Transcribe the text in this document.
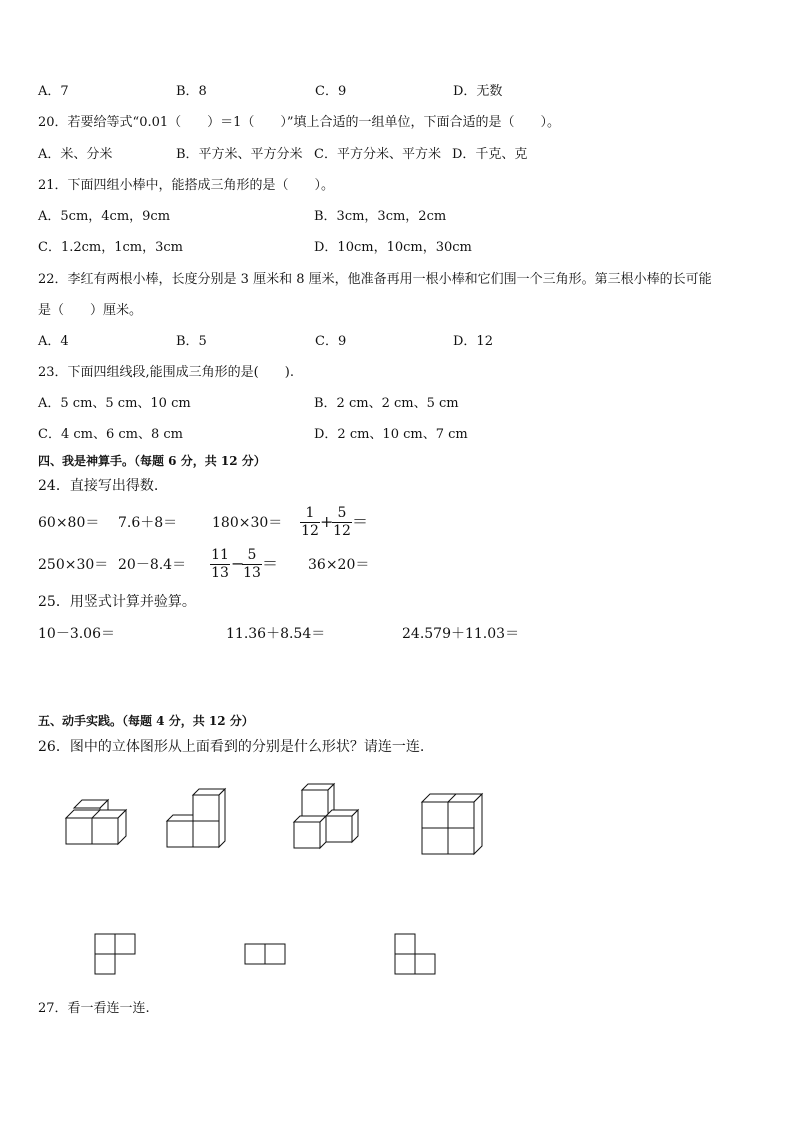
A．7	B．8	C．9	D．无数
20．若要给等式“0.01（　　）＝1（　　）”填上合适的一组单位，下面合适的是（　　）。
A．米、分米	B．平方米、平方分米 C．平方分米、平方米 D．千克、克
21．下面四组小棒中，能搭成三角形的是（　　）。
A．5cm，4cm，9cm	B．3cm，3cm，2cm
C．1.2cm，1cm，3cm	D．10cm，10cm，30cm
22．李红有两根小棒，长度分别是 3 厘米和 8 厘米，他准备再用一根小棒和它们围一个三角形。第三根小棒的长可能
是（　　）厘米。
A．4	B．5	C．9	D．12
23．下面四组线段,能围成三角形的是(　　).
A．5 cm、5 cm、10 cm	B．2 cm、2 cm、5 cm
C．4 cm、6 cm、8 cm	D．2 cm、10 cm、7 cm
四、我是神算手。（每题 6 分，共 12 分）
24．直接写出得数.
60×80＝ 7.6＋8＝ 180×30＝
1
12 + 5
12 ＝
250×30＝ 20－8.4＝
11
13 − 5
13 ＝ 36×20＝
25．用竖式计算并验算。
10－3.06＝	11.36＋8.54＝	24.579＋11.03＝
五、动手实践。（每题 4 分，共 12 分）
26．图中的立体图形从上面看到的分别是什么形状？请连一连.
27．看一看连一连.
